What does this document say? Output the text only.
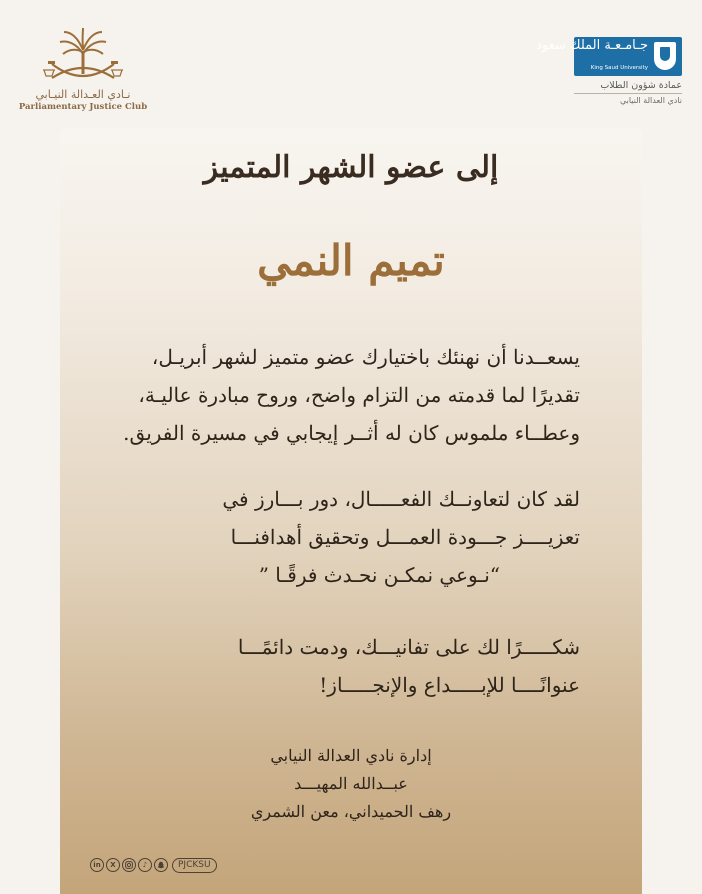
نـادي العـدالة النيـابي
Parliamentary Justice Club
جـامـعـة الملك سعود
King Saud University
عمادة شؤون الطلاب
نادي العدالة النيابي
إلى عضو الشهر المتميز
تميم النمي
يسعــدنا أن نهنئك باختيارك عضو متميز لشهر أبريـل،
تقديرًا لما قدمته من التزام واضح، وروح مبادرة عاليـة،
وعطــاء ملموس كان له أثــر إيجابي في مسيرة الفريق.
لقد كان لتعاونــك الفعـــــال، دور بـــارز في
تعزيــــز جـــودة العمـــل وتحقيق أهدافنـــا
“نـوعي نمكـن نحـدث فرقًـا ”
شكـــــرًا لك على تفانيـــك، ودمت دائمًـــا
عنوانًــــا للإبـــــداع والإنجـــــاز!
إدارة نادي العدالة النيابي
عبــدالله المهيـــد
رهف الحميداني، معن الشمري
in	X	♪	PJCKSU
